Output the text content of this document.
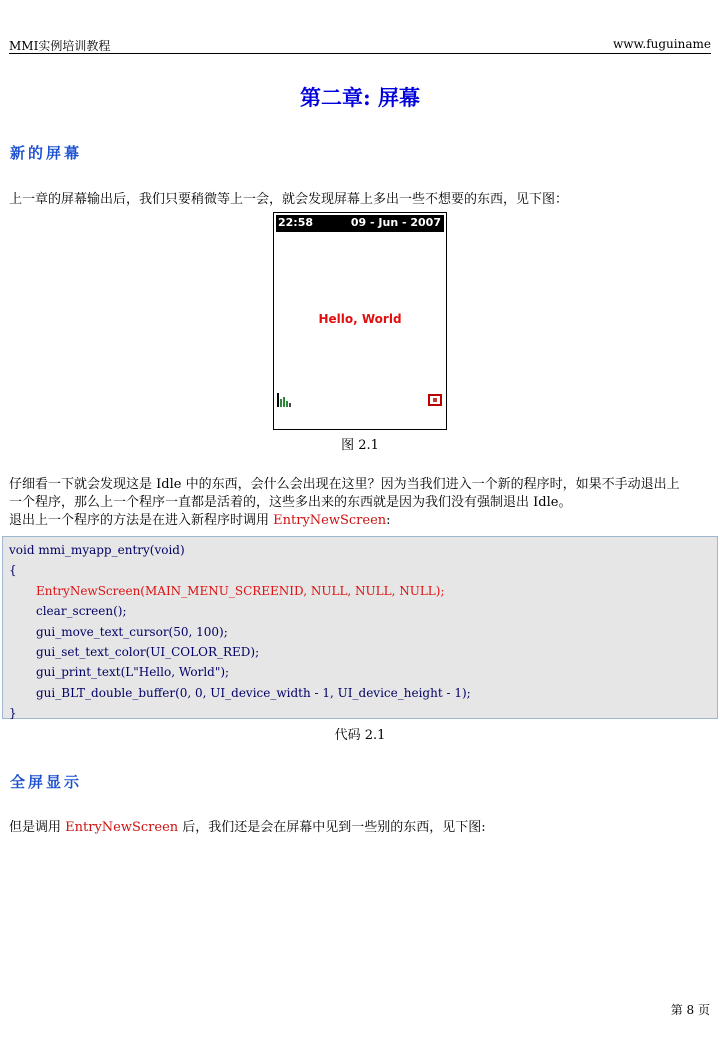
MMI实例培训教程	www.fuguiname
第二章: 屏幕
新的屏幕
上一章的屏幕输出后，我们只要稍微等上一会，就会发现屏幕上多出一些不想要的东西，见下图：
22:58	09 - Jun - 2007
Hello, World
图 2.1
仔细看一下就会发现这是 Idle 中的东西，会什么会出现在这里？因为当我们进入一个新的程序时，如果不手动退出上
一个程序，那么上一个程序一直都是活着的，这些多出来的东西就是因为我们没有强制退出 Idle。
退出上一个程序的方法是在进入新程序时调用 EntryNewScreen:
void mmi_myapp_entry(void)
{
EntryNewScreen(MAIN_MENU_SCREENID, NULL, NULL, NULL);
clear_screen();
gui_move_text_cursor(50, 100);
gui_set_text_color(UI_COLOR_RED);
gui_print_text(L"Hello, World");
gui_BLT_double_buffer(0, 0, UI_device_width - 1, UI_device_height - 1);
}
代码 2.1
全屏显示
但是调用 EntryNewScreen 后，我们还是会在屏幕中见到一些别的东西，见下图:
第 8 页
